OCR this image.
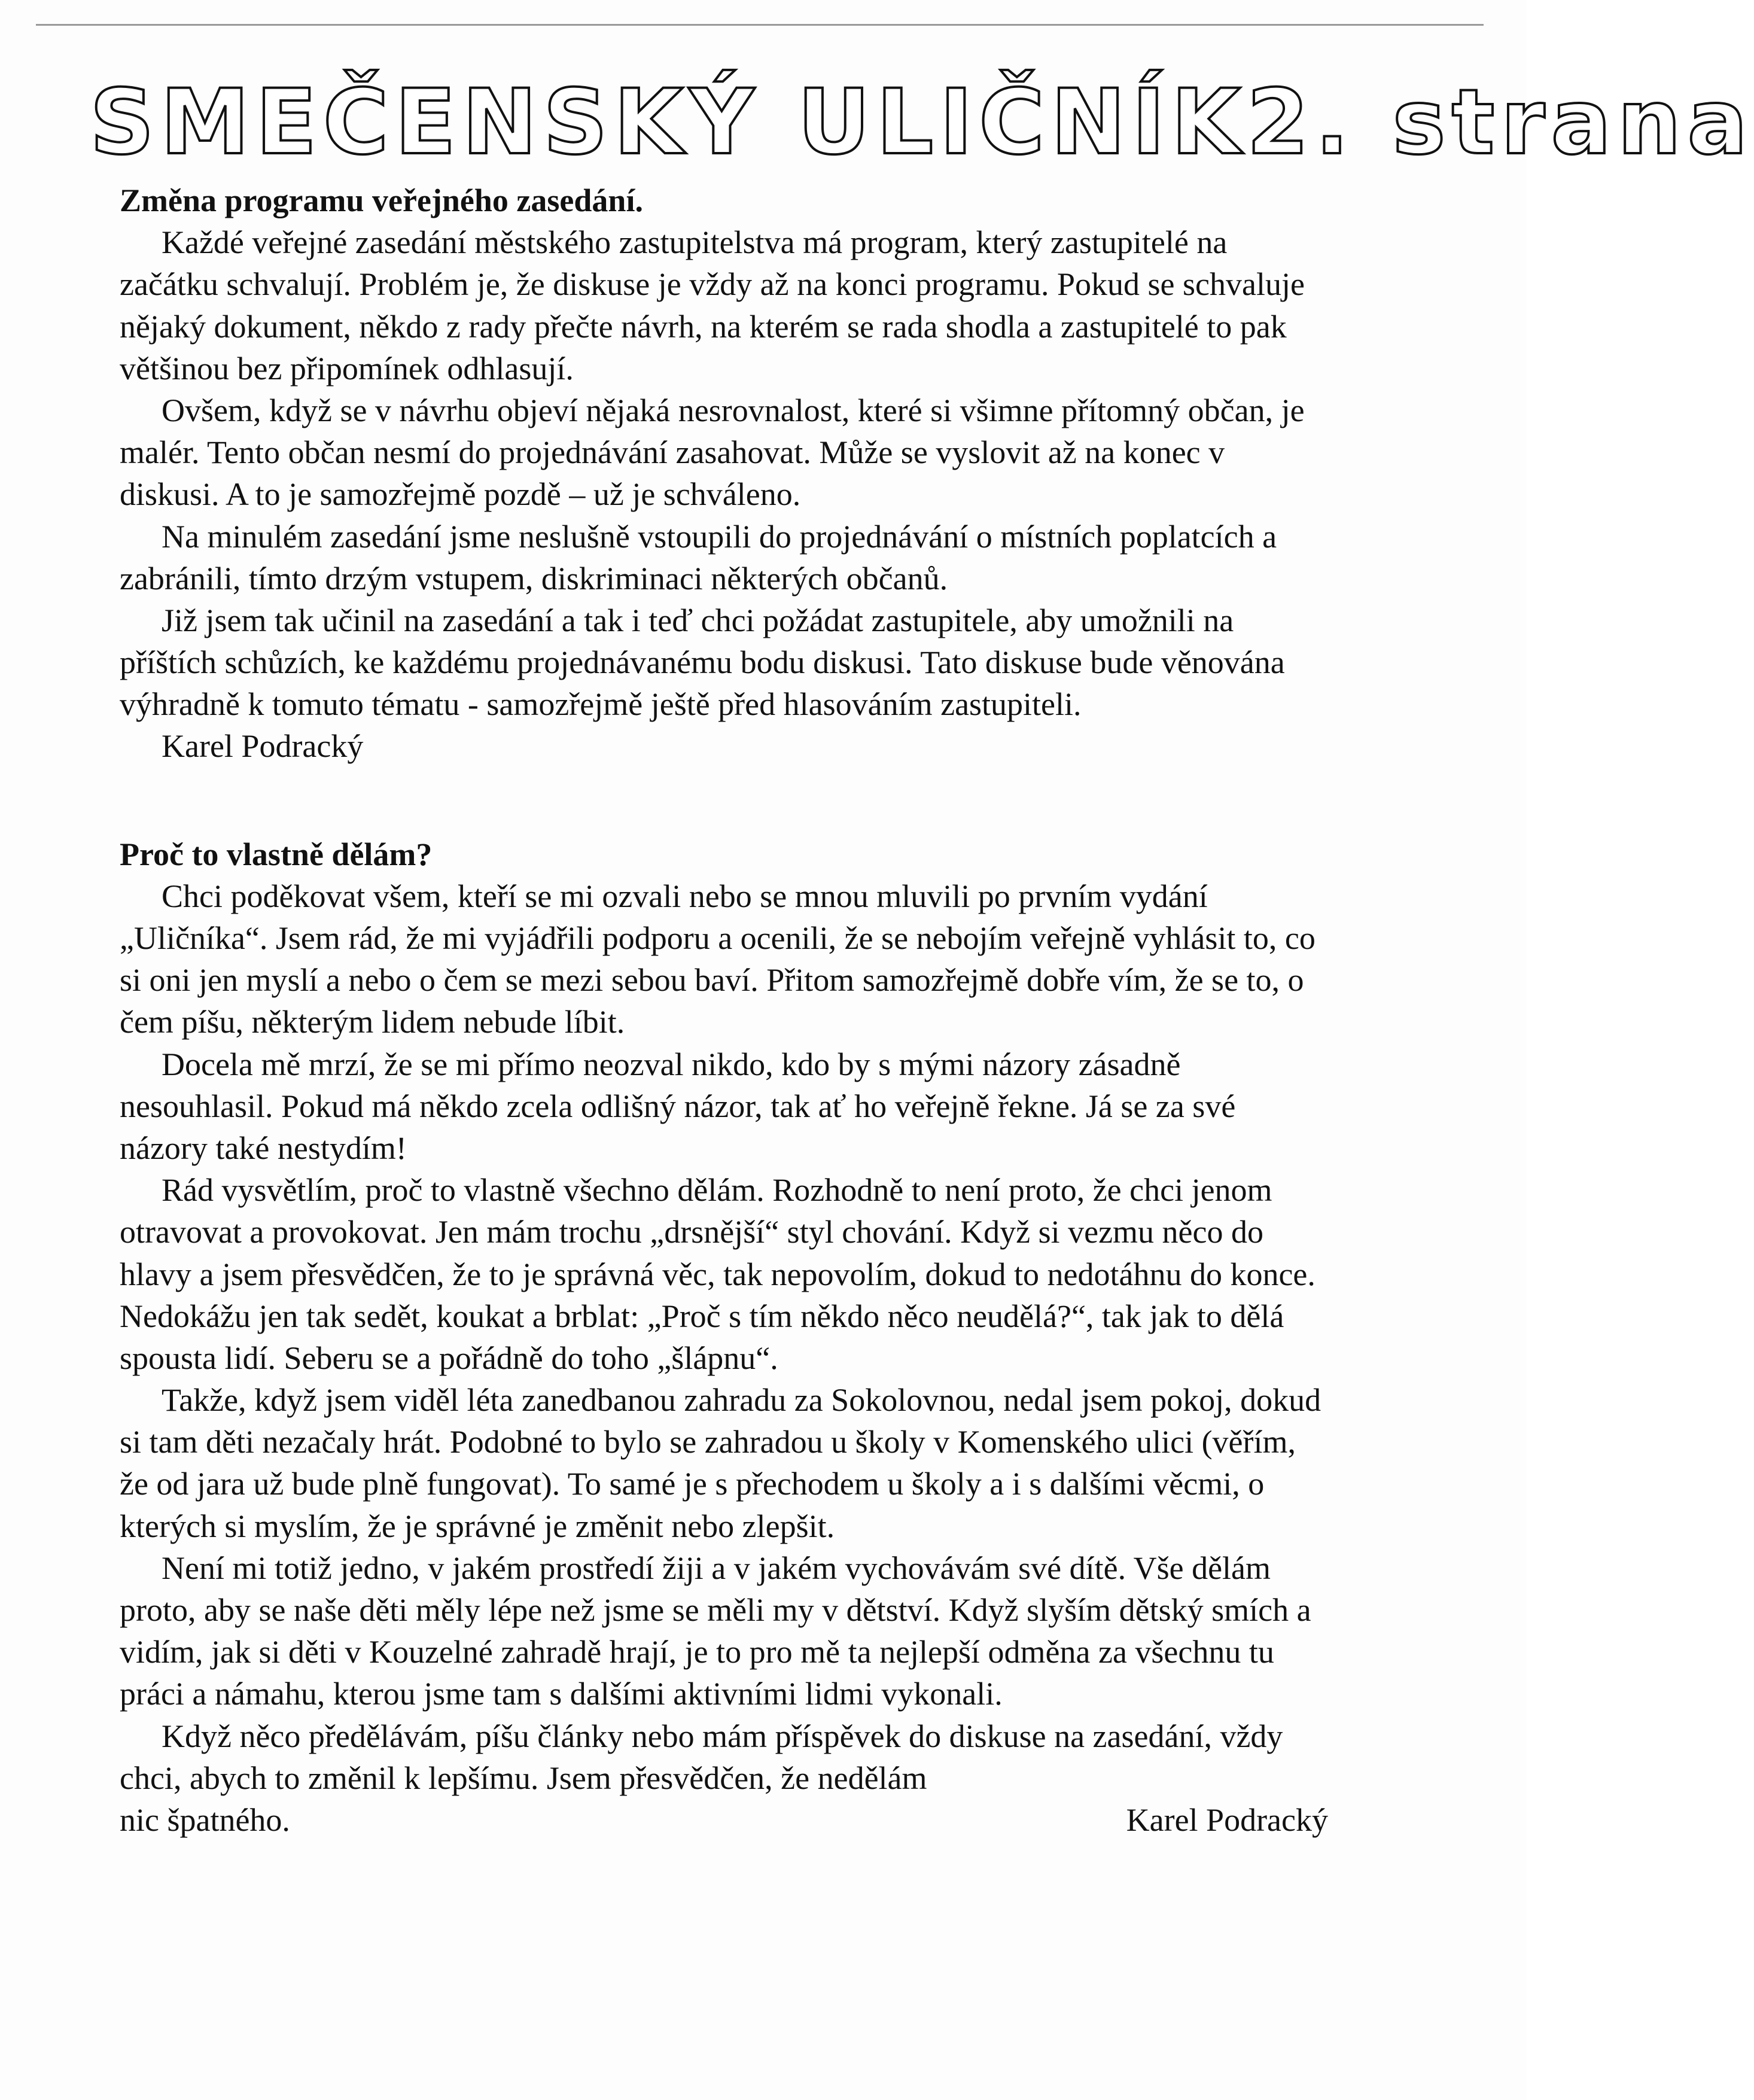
SMEČENSKÝ ULIČNÍK 2. strana
Změna programu veřejného zasedání.

Každé veřejné zasedání městského zastupitelstva má program, který zastupitelé na začátku schvalují. Problém je, že diskuse je vždy až na konci programu. Pokud se schvaluje nějaký dokument, někdo z rady přečte návrh, na kterém se rada shodla a zastupitelé to pak většinou bez připomínek odhlasují.

Ovšem, když se v návrhu objeví nějaká nesrovnalost, které si všimne přítomný občan, je malér. Tento občan nesmí do projednávání zasahovat. Může se vyslovit až na konec v diskusi. A to je samozřejmě pozdě – už je schváleno.

Na minulém zasedání jsme neslušně vstoupili do projednávání o místních poplatcích a zabránili, tímto drzým vstupem, diskriminaci některých občanů.

Již jsem tak učinil na zasedání a tak i teď chci požádat zastupitele, aby umožnili na příštích schůzích, ke každému projednávanému bodu diskusi. Tato diskuse bude věnována výhradně k tomuto tématu - samozřejmě ještě před hlasováním zastupiteli.

Karel Podracký

Proč to vlastně dělám?

Chci poděkovat všem, kteří se mi ozvali nebo se mnou mluvili po prvním vydání „Uličníka“. Jsem rád, že mi vyjádřili podporu a ocenili, že se nebojím veřejně vyhlásit to, co si oni jen myslí a nebo o čem se mezi sebou baví. Přitom samozřejmě dobře vím, že se to, o čem píšu, některým lidem nebude líbit.

Docela mě mrzí, že se mi přímo neozval nikdo, kdo by s mými názory zásadně nesouhlasil. Pokud má někdo zcela odlišný názor, tak ať ho veřejně řekne. Já se za své názory také nestydím!

Rád vysvětlím, proč to vlastně všechno dělám. Rozhodně to není proto, že chci jenom otravovat a provokovat. Jen mám trochu „drsnější“ styl chování. Když si vezmu něco do hlavy a jsem přesvědčen, že to je správná věc, tak nepovolím, dokud to nedotáhnu do konce. Nedokážu jen tak sedět, koukat a brblat: „Proč s tím někdo něco neudělá?“, tak jak to dělá spousta lidí. Seberu se a pořádně do toho „šlápnu“.

Takže, když jsem viděl léta zanedbanou zahradu za Sokolovnou, nedal jsem pokoj, dokud si tam děti nezačaly hrát. Podobné to bylo se zahradou u školy v Komenského ulici (věřím, že od jara už bude plně fungovat). To samé je s přechodem u školy a i s dalšími věcmi, o kterých si myslím, že je správné je změnit nebo zlepšit.

Není mi totiž jedno, v jakém prostředí žiji a v jakém vychovávám své dítě. Vše dělám proto, aby se naše děti měly lépe než jsme se měli my v dětství. Když slyším dětský smích a vidím, jak si děti v Kouzelné zahradě hrají, je to pro mě ta nejlepší odměna za všechnu tu práci a námahu, kterou jsme tam s dalšími aktivními lidmi vykonali.

Když něco předělávám, píšu články nebo mám příspěvek do diskuse na zasedání, vždy chci, abych to změnil k lepšímu. Jsem přesvědčen, že nedělám

nic špatného.	Karel Podracký
